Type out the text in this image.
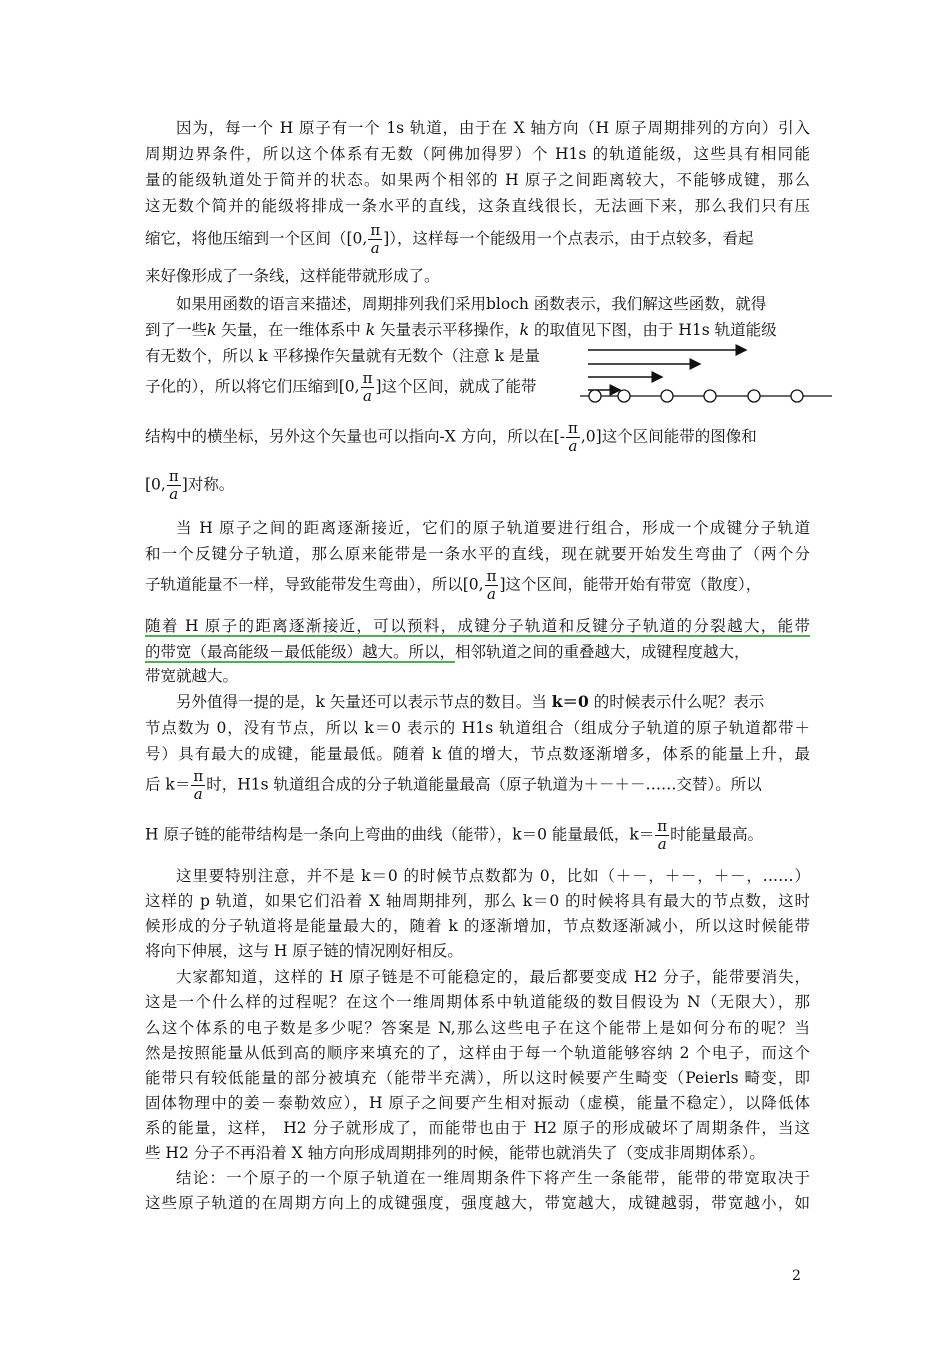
因为，每一个 H 原子有一个 1s 轨道，由于在 X 轴方向（H 原子周期排列的方向）引入
周期边界条件，所以这个体系有无数（阿佛加得罗）个 H1s 的轨道能级，这些具有相同能
量的能级轨道处于简并的状态。如果两个相邻的 H 原子之间距离较大，不能够成键，那么
这无数个简并的能级将排成一条水平的直线，这条直线很长，无法画下来，那么我们只有压
缩它，将他压缩到一个区间（[0, $\frac{\pi}{a}$ ]），这样每一个能级用一个点表示，由于点较多，看起
来好像形成了一条线，这样能带就形成了。
如果用函数的语言来描述，周期排列我们采用bloch 函数表示，我们解这些函数，就得
到了一些k 矢量，在一维体系中 k 矢量表示平移操作，k 的取值见下图，由于 H1s 轨道能级
有无数个，所以 k 平移操作矢量就有无数个（注意 k 是量
子化的），所以将它们压缩到[0, $\frac{\pi}{a}$ ]这个区间，就成了能带
结构中的横坐标，另外这个矢量也可以指向-X 方向，所以在[- $\frac{\pi}{a} ,0$]这个区间能带的图像和
[0, $\frac{\pi}{a}$ ]对称。
当 H 原子之间的距离逐渐接近，它们的原子轨道要进行组合，形成一个成键分子轨道
和一个反键分子轨道，那么原来能带是一条水平的直线，现在就要开始发生弯曲了（两个分
子轨道能量不一样，导致能带发生弯曲），所以[0, $\frac{\pi}{a}$ ]这个区间，能带开始有带宽（散度），
随着 H 原子的距离逐渐接近，可以预料，成键分子轨道和反键分子轨道的分裂越大，能带
的带宽（最高能级－最低能级）越大。所以，相邻轨道之间的重叠越大，成键程度越大，
带宽就越大。
另外值得一提的是，k 矢量还可以表示节点的数目。当 k＝0 的时候表示什么呢？表示
节点数为 0，没有节点，所以 k＝0 表示的 H1s 轨道组合（组成分子轨道的原子轨道都带＋
号）具有最大的成键，能量最低。随着 k 值的增大，节点数逐渐增多，体系的能量上升，最
后 $k= \frac{\pi}{a}$ 时，H1s 轨道组合成的分子轨道能量最高（原子轨道为＋－＋－……交替）。所以
H 原子链的能带结构是一条向上弯曲的曲线（能带），k＝0 能量最低，$k= \frac{\pi}{a}$ 时能量最高。
这里要特别注意，并不是 k＝0 的时候节点数都为 0，比如（＋－，＋－，＋－，……）
这样的 p 轨道，如果它们沿着 X 轴周期排列，那么 k＝0 的时候将具有最大的节点数，这时
候形成的分子轨道将是能量最大的，随着 k 的逐渐增加，节点数逐渐减小，所以这时候能带
将向下伸展，这与 H 原子链的情况刚好相反。
大家都知道，这样的 H 原子链是不可能稳定的，最后都要变成 H2 分子，能带要消失，
这是一个什么样的过程呢？在这个一维周期体系中轨道能级的数目假设为 N（无限大），那
么这个体系的电子数是多少呢？答案是 N,那么这些电子在这个能带上是如何分布的呢？当
然是按照能量从低到高的顺序来填充的了，这样由于每一个轨道能够容纳 2 个电子，而这个
能带只有较低能量的部分被填充（能带半充满），所以这时候要产生畸变（Peierls 畸变，即
固体物理中的姜－泰勒效应），H 原子之间要产生相对振动（虚模，能量不稳定），以降低体
系的能量，这样， H2 分子就形成了，而能带也由于 H2 原子的形成破坏了周期条件，当这
些 H2 分子不再沿着 X 轴方向形成周期排列的时候，能带也就消失了（变成非周期体系）。
结论：一个原子的一个原子轨道在一维周期条件下将产生一条能带，能带的带宽取决于
这些原子轨道的在周期方向上的成键强度，强度越大，带宽越大，成键越弱，带宽越小，如
2
